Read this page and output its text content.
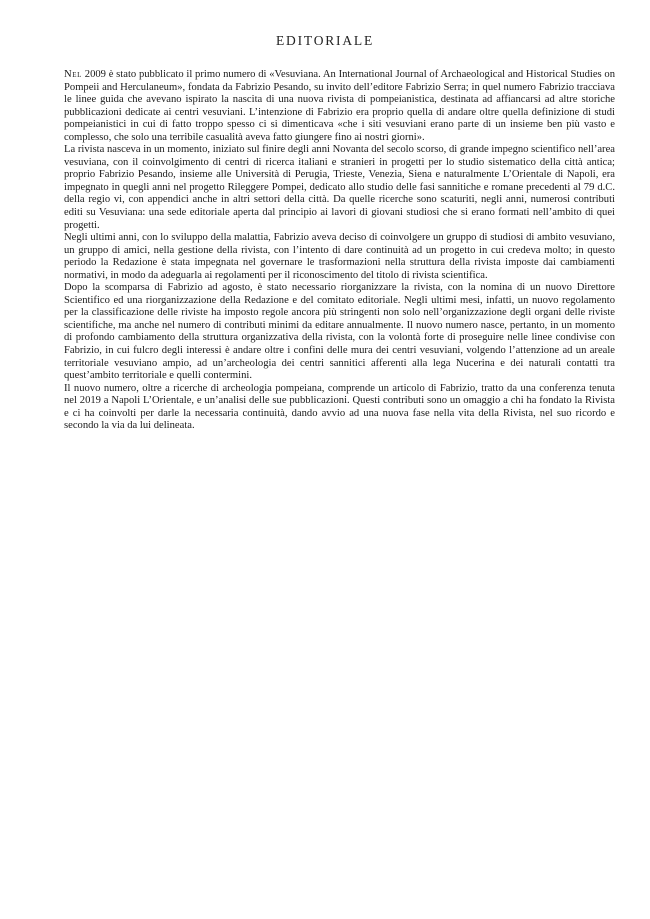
EDITORIALE

Nel 2009 è stato pubblicato il primo numero di «Vesuviana. An International Journal of Archaeological and Historical Studies on Pompeii and Herculaneum», fondata da Fabrizio Pesando, su invito dell’editore Fabrizio Serra; in quel numero Fabrizio tracciava le linee guida che avevano ispirato la nascita di una nuova rivista di pompeianistica, destinata ad affiancarsi ad altre storiche pubblicazioni dedicate ai centri vesuviani. L’intenzione di Fabrizio era proprio quella di andare oltre quella definizione di studi pompeianistici in cui di fatto troppo spesso ci si dimenticava «che i siti vesuviani erano parte di un insieme ben più vasto e complesso, che solo una terribile casualità aveva fatto giungere fino ai nostri giorni».

La rivista nasceva in un momento, iniziato sul finire degli anni Novanta del secolo scorso, di grande impegno scientifico nell’area vesuviana, con il coinvolgimento di centri di ricerca italiani e stranieri in progetti per lo studio sistematico della città antica; proprio Fabrizio Pesando, insieme alle Università di Perugia, Trieste, Venezia, Siena e naturalmente L’Orientale di Napoli, era impegnato in quegli anni nel progetto Rileggere Pompei, dedicato allo studio delle fasi sannitiche e romane precedenti al 79 d.C. della regio vi, con appendici anche in altri settori della città. Da quelle ricerche sono scaturiti, negli anni, numerosi contributi editi su Vesuviana: una sede editoriale aperta dal principio ai lavori di giovani studiosi che si erano formati nell’ambito di quei progetti.

Negli ultimi anni, con lo sviluppo della malattia, Fabrizio aveva deciso di coinvolgere un gruppo di studiosi di ambito vesuviano, un gruppo di amici, nella gestione della rivista, con l’intento di dare continuità ad un progetto in cui credeva molto; in questo periodo la Redazione è stata impegnata nel governare le trasformazioni nella struttura della rivista imposte dai cambiamenti normativi, in modo da adeguarla ai regolamenti per il riconoscimento del titolo di rivista scientifica.

Dopo la scomparsa di Fabrizio ad agosto, è stato necessario riorganizzare la rivista, con la nomina di un nuovo Direttore Scientifico ed una riorganizzazione della Redazione e del comitato editoriale. Negli ultimi mesi, infatti, un nuovo regolamento per la classificazione delle riviste ha imposto regole ancora più stringenti non solo nell’organizzazione degli organi delle riviste scientifiche, ma anche nel numero di contributi minimi da editare annualmente. Il nuovo numero nasce, pertanto, in un momento di profondo cambiamento della struttura organizzativa della rivista, con la volontà forte di proseguire nelle linee condivise con Fabrizio, in cui fulcro degli interessi è andare oltre i confini delle mura dei centri vesuviani, volgendo l’attenzione ad un areale territoriale vesuviano ampio, ad un’archeologia dei centri sannitici afferenti alla lega Nucerina e dei naturali contatti tra quest’ambito territoriale e quelli contermini.

Il nuovo numero, oltre a ricerche di archeologia pompeiana, comprende un articolo di Fabrizio, tratto da una conferenza tenuta nel 2019 a Napoli L’Orientale, e un’analisi delle sue pubblicazioni. Questi contributi sono un omaggio a chi ha fondato la Rivista e ci ha coinvolti per darle la necessaria continuità, dando avvio ad una nuova fase nella vita della Rivista, nel suo ricordo e secondo la via da lui delineata.
